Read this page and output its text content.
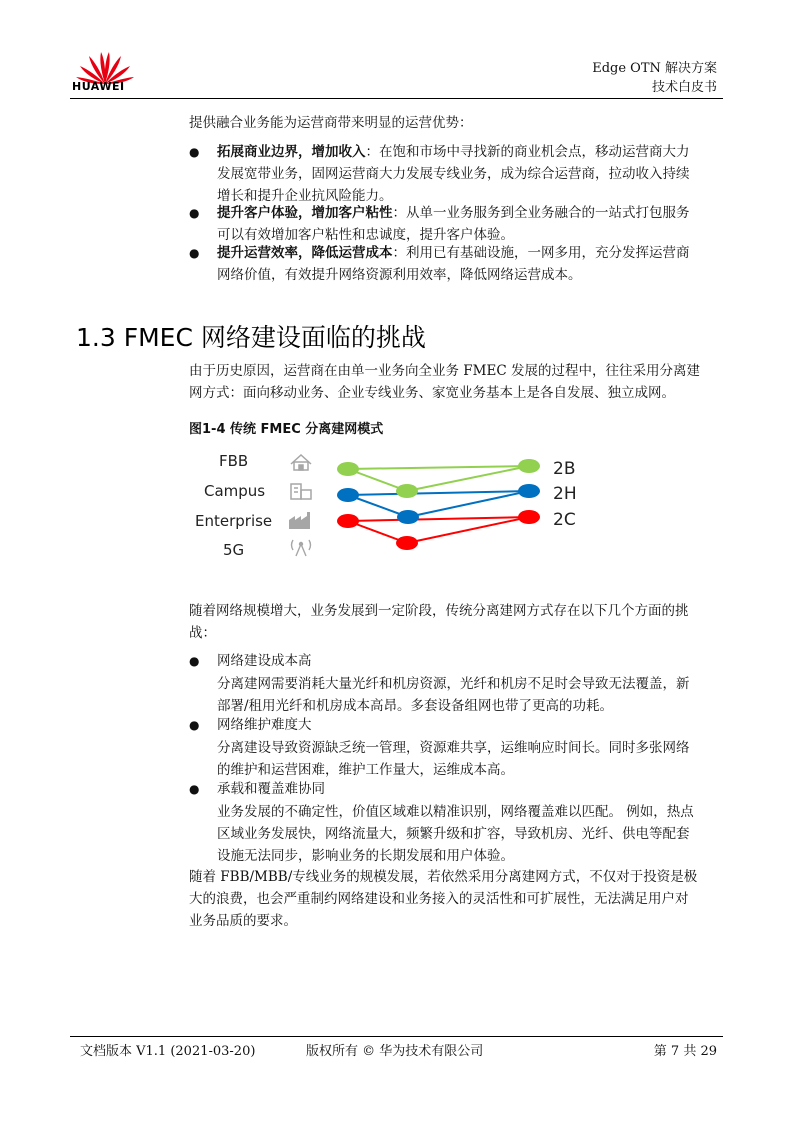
HUAWEI
Edge OTN 解决方案
技术白皮书
提供融合业务能为运营商带来明显的运营优势：
● 拓展商业边界，增加收入：在饱和市场中寻找新的商业机会点，移动运营商大力
发展宽带业务，固网运营商大力发展专线业务，成为综合运营商，拉动收入持续
增长和提升企业抗风险能力。
● 提升客户体验，增加客户粘性：从单一业务服务到全业务融合的一站式打包服务
可以有效增加客户粘性和忠诚度，提升客户体验。
● 提升运营效率，降低运营成本：利用已有基础设施，一网多用，充分发挥运营商
网络价值，有效提升网络资源利用效率，降低网络运营成本。
1.3 FMEC 网络建设面临的挑战
由于历史原因，运营商在由单一业务向全业务 FMEC 发展的过程中，往往采用分离建
网方式：面向移动业务、企业专线业务、家宽业务基本上是各自发展、独立成网。
图1-4 传统 FMEC 分离建网模式
FBB
Campus
Enterprise
5G
2B
2H
2C
随着网络规模增大，业务发展到一定阶段，传统分离建网方式存在以下几个方面的挑
战：
● 网络建设成本高
分离建网需要消耗大量光纤和机房资源，光纤和机房不足时会导致无法覆盖，新
部署/租用光纤和机房成本高昂。多套设备组网也带了更高的功耗。
● 网络维护难度大
分离建设导致资源缺乏统一管理，资源难共享，运维响应时间长。同时多张网络
的维护和运营困难，维护工作量大，运维成本高。
● 承载和覆盖难协同
业务发展的不确定性，价值区域难以精准识别，网络覆盖难以匹配。 例如，热点
区域业务发展快，网络流量大，频繁升级和扩容，导致机房、光纤、供电等配套
设施无法同步，影响业务的长期发展和用户体验。
随着 FBB/MBB/专线业务的规模发展，若依然采用分离建网方式，不仅对于投资是极
大的浪费，也会严重制约网络建设和业务接入的灵活性和可扩展性，无法满足用户对
业务品质的要求。
文档版本 V1.1 (2021-03-20)	版权所有 © 华为技术有限公司	第 7 共 29
